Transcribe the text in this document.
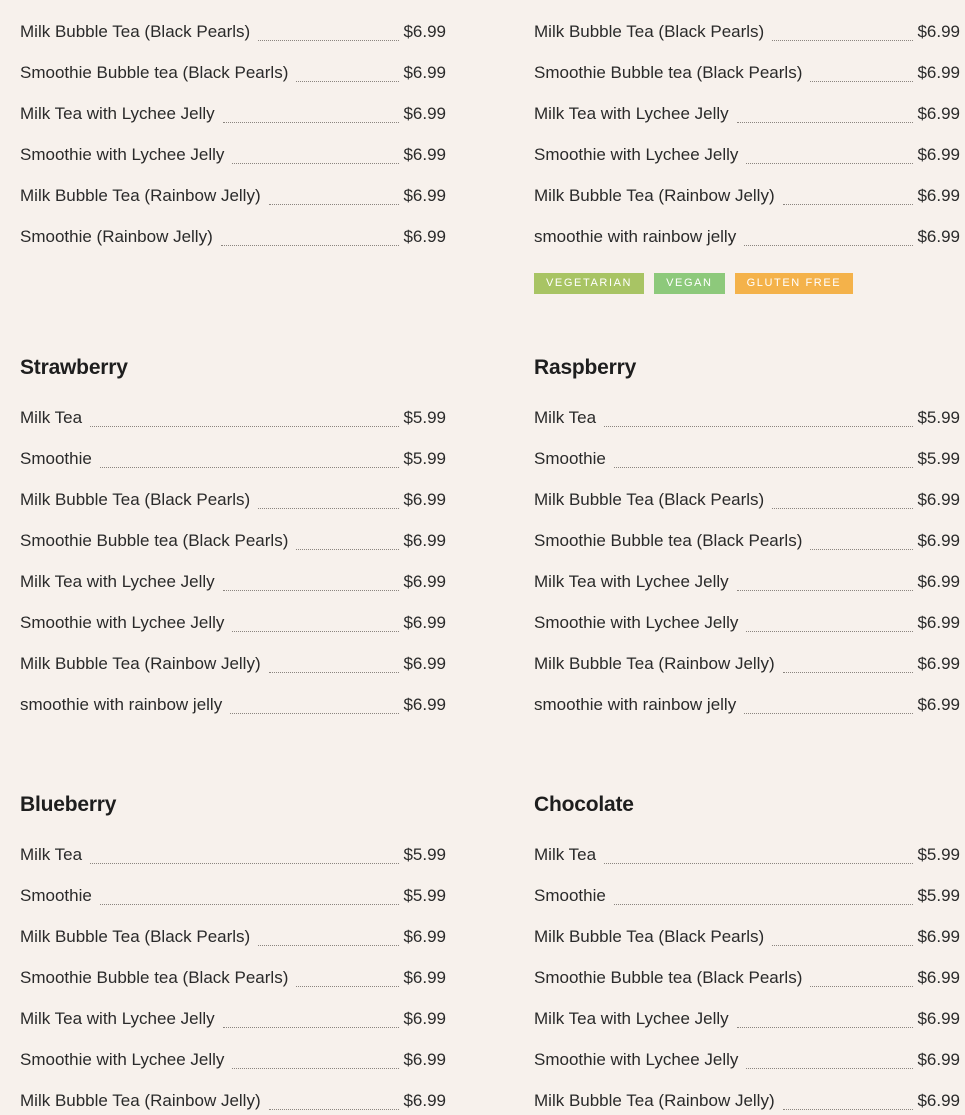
Milk Bubble Tea (Black Pearls)	$6.99
Smoothie Bubble tea (Black Pearls)	$6.99
Milk Tea with Lychee Jelly	$6.99
Smoothie with Lychee Jelly	$6.99
Milk Bubble Tea (Rainbow Jelly)	$6.99
Smoothie (Rainbow Jelly)	$6.99
Strawberry
Milk Tea	$5.99
Smoothie	$5.99
Milk Bubble Tea (Black Pearls)	$6.99
Smoothie Bubble tea (Black Pearls)	$6.99
Milk Tea with Lychee Jelly	$6.99
Smoothie with Lychee Jelly	$6.99
Milk Bubble Tea (Rainbow Jelly)	$6.99
smoothie with rainbow jelly	$6.99
Blueberry
Milk Tea	$5.99
Smoothie	$5.99
Milk Bubble Tea (Black Pearls)	$6.99
Smoothie Bubble tea (Black Pearls)	$6.99
Milk Tea with Lychee Jelly	$6.99
Smoothie with Lychee Jelly	$6.99
Milk Bubble Tea (Rainbow Jelly)	$6.99
Milk Bubble Tea (Black Pearls)	$6.99
Smoothie Bubble tea (Black Pearls)	$6.99
Milk Tea with Lychee Jelly	$6.99
Smoothie with Lychee Jelly	$6.99
Milk Bubble Tea (Rainbow Jelly)	$6.99
smoothie with rainbow jelly	$6.99
VEGETARIAN	VEGAN	GLUTEN FREE
Raspberry
Milk Tea	$5.99
Smoothie	$5.99
Milk Bubble Tea (Black Pearls)	$6.99
Smoothie Bubble tea (Black Pearls)	$6.99
Milk Tea with Lychee Jelly	$6.99
Smoothie with Lychee Jelly	$6.99
Milk Bubble Tea (Rainbow Jelly)	$6.99
smoothie with rainbow jelly	$6.99
Chocolate
Milk Tea	$5.99
Smoothie	$5.99
Milk Bubble Tea (Black Pearls)	$6.99
Smoothie Bubble tea (Black Pearls)	$6.99
Milk Tea with Lychee Jelly	$6.99
Smoothie with Lychee Jelly	$6.99
Milk Bubble Tea (Rainbow Jelly)	$6.99
